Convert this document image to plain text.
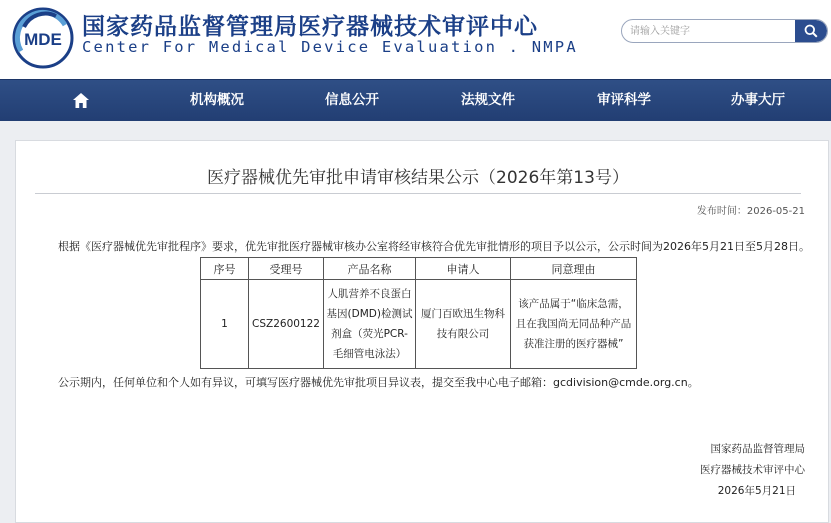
MDE 国家药品监督管理局医疗器械技术审评中心
Center For Medical Device Evaluation . NMPA
请输入关键字
机构概况	信息公开	法规文件	审评科学	办事大厅
医疗器械优先审批申请审核结果公示（2026年第13号）
发布时间：2026-05-21
根据《医疗器械优先审批程序》要求，优先审批医疗器械审核办公室将经审核符合优先审批情形的项目予以公示，公示时间为2026年5月21日至5月28日。
序号	受理号	产品名称	申请人	同意理由
1	CSZ2600122	人肌营养不良蛋白基因(DMD)检测试剂盒（荧光PCR-毛细管电泳法）	厦门百欧迅生物科技有限公司	该产品属于“临床急需，且在我国尚无同品种产品获准注册的医疗器械”
公示期内，任何单位和个人如有异议，可填写医疗器械优先审批项目异议表，提交至我中心电子邮箱：gcdivision@cmde.org.cn。
国家药品监督管理局
医疗器械技术审评中心
2026年5月21日
